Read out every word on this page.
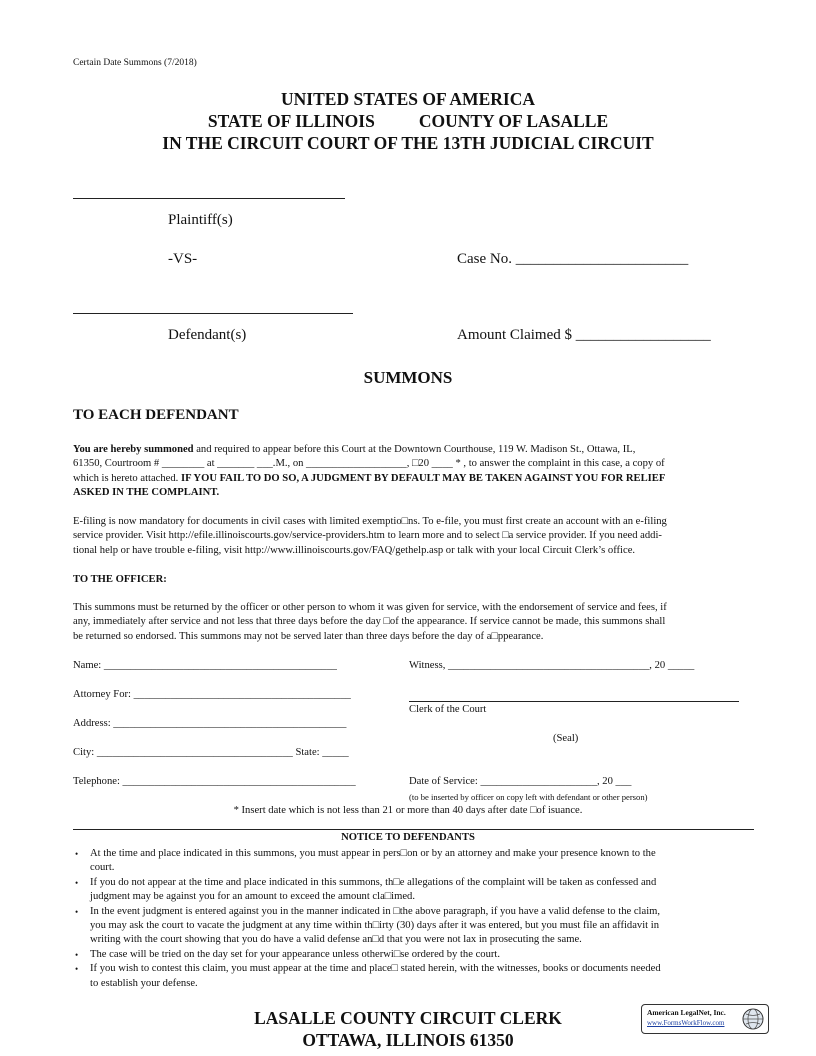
Certain Date Summons (7/2018)
UNITED STATES OF AMERICA
STATE OF ILLINOIS	COUNTY OF LASALLE
IN THE CIRCUIT COURT OF THE 13TH JUDICIAL CIRCUIT
Plaintiff(s)
-VS-	Case No. _______________________
Defendant(s)	Amount Claimed $ __________________
SUMMONS
TO EACH DEFENDANT
You are hereby summoned and required to appear before this Court at the Downtown Courthouse, 119 W. Madison St., Ottawa, IL,
61350, Courtroom # ________ at _______ ___.M., on ___________________, □20 ____ * , to answer the complaint in this case, a copy of
which is hereto attached. IF YOU FAIL TO DO SO, A JUDGMENT BY DEFAULT MAY BE TAKEN AGAINST YOU FOR RELIEF
ASKED IN THE COMPLAINT.
E-filing is now mandatory for documents in civil cases with limited exemptio□ns. To e-file, you must first create an account with an e-filing
service provider. Visit http://efile.illinoiscourts.gov/service-providers.htm to learn more and to select □a service provider. If you need addi-
tional help or have trouble e-filing, visit http://www.illinoiscourts.gov/FAQ/gethelp.asp or talk with your local Circuit Clerk’s office.
TO THE OFFICER:
This summons must be returned by the officer or other person to whom it was given for service, with the endorsement of service and fees, if
any, immediately after service and not less that three days before the day □of the appearance. If service cannot be made, this summons shall
be returned so endorsed. This summons may not be served later than three days before the day of a□ppearance.
Name: ____________________________________________
Attorney For: _________________________________________
Address: ____________________________________________
City: _____________________________________ State: _____
Telephone: ____________________________________________
Witness, ______________________________________, 20 _____
Clerk of the Court
(Seal)
Date of Service: ______________________, 20 ___
(to be inserted by officer on copy left with defendant or other person)
* Insert date which is not less than 21 or more than 40 days after date □of isuance.
NOTICE TO DEFENDANTS
• At the time and place indicated in this summons, you must appear in pers□on or by an attorney and make your presence known to the
court.
• If you do not appear at the time and place indicated in this summons, th□e allegations of the complaint will be taken as confessed and
judgment may be against you for an amount to exceed the amount cla□imed.
• In the event judgment is entered against you in the manner indicated in □the above paragraph, if you have a valid defense to the claim,
you may ask the court to vacate the judgment at any time within th□irty (30) days after it was entered, but you must file an affidavit in
writing with the court showing that you do have a valid defense an□d that you were not lax in prosecuting the same.
• The case will be tried on the day set for your appearance unless otherwi□se ordered by the court.
• If you wish to contest this claim, you must appear at the time and place□ stated herein, with the witnesses, books or documents needed
to establish your defense.
LASALLE COUNTY CIRCUIT CLERK
OTTAWA, ILLINOIS 61350
American LegalNet, Inc.
www.FormsWorkFlow.com
